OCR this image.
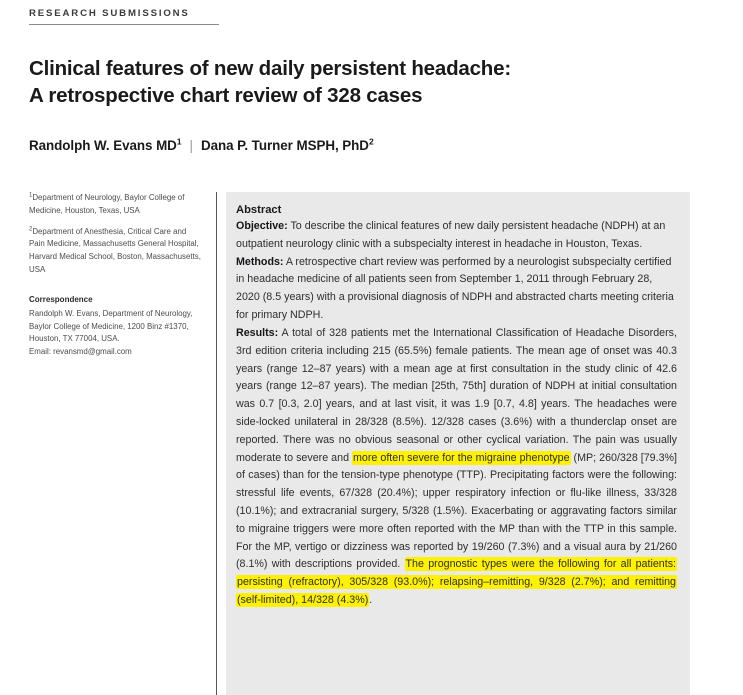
RESEARCH SUBMISSIONS
Clinical features of new daily persistent headache:
A retrospective chart review of 328 cases
Randolph W. Evans $MD^1$ | Dana P. Turner MSPH, PhD$^2$

$^1$Department of Neurology, Baylor College of Medicine, Houston, Texas, USA

$^2$Department of Anesthesia, Critical Care and Pain Medicine, Massachusetts General Hospital, Harvard Medical School, Boston, Massachusetts, USA

Correspondence
Randolph W. Evans, Department of Neurology, Baylor College of Medicine, 1200 Binz #1370, Houston, TX 77004, USA.
Email: revansmd@gmail.com
Abstract

Objective: To describe the clinical features of new daily persistent headache (NDPH) at an outpatient neurology clinic with a subspecialty interest in headache in Houston, Texas.

Methods: A retrospective chart review was performed by a neurologist subspecialty certified in headache medicine of all patients seen from September 1, 2011 through February 28, 2020 (8.5 years) with a provisional diagnosis of NDPH and abstracted charts meeting criteria for primary NDPH.

Results: A total of 328 patients met the International Classification of Headache Disorders, 3rd edition criteria including 215 (65.5%) female patients. The mean age of onset was 40.3 years (range 12–87 years) with a mean age at first consultation in the study clinic of 42.6 years (range 12–87 years). The median [25th, 75th] duration of NDPH at initial consultation was 0.7 [0.3, 2.0] years, and at last visit, it was 1.9 [0.7, 4.8] years. The headaches were side-locked unilateral in 28/328 (8.5%). 12/328 cases (3.6%) with a thunderclap onset are reported. There was no obvious seasonal or other cyclical variation. The pain was usually moderate to severe and more often severe for the migraine phenotype (MP; 260/328 [79.3%] of cases) than for the tension-type phenotype (TTP). Precipitating factors were the following: stressful life events, 67/328 (20.4%); upper respiratory infection or flu-like illness, 33/328 (10.1%); and extracranial surgery, 5/328 (1.5%). Exacerbating or aggravating factors similar to migraine triggers were more often reported with the MP than with the TTP in this sample. For the MP, vertigo or dizziness was reported by 19/260 (7.3%) and a visual aura by 21/260 (8.1%) with descriptions provided. The prognostic types were the following for all patients: persisting (refractory), 305/328 (93.0%); relapsing–remitting, 9/328 (2.7%); and remitting (self-limited), 14/328 (4.3%).
